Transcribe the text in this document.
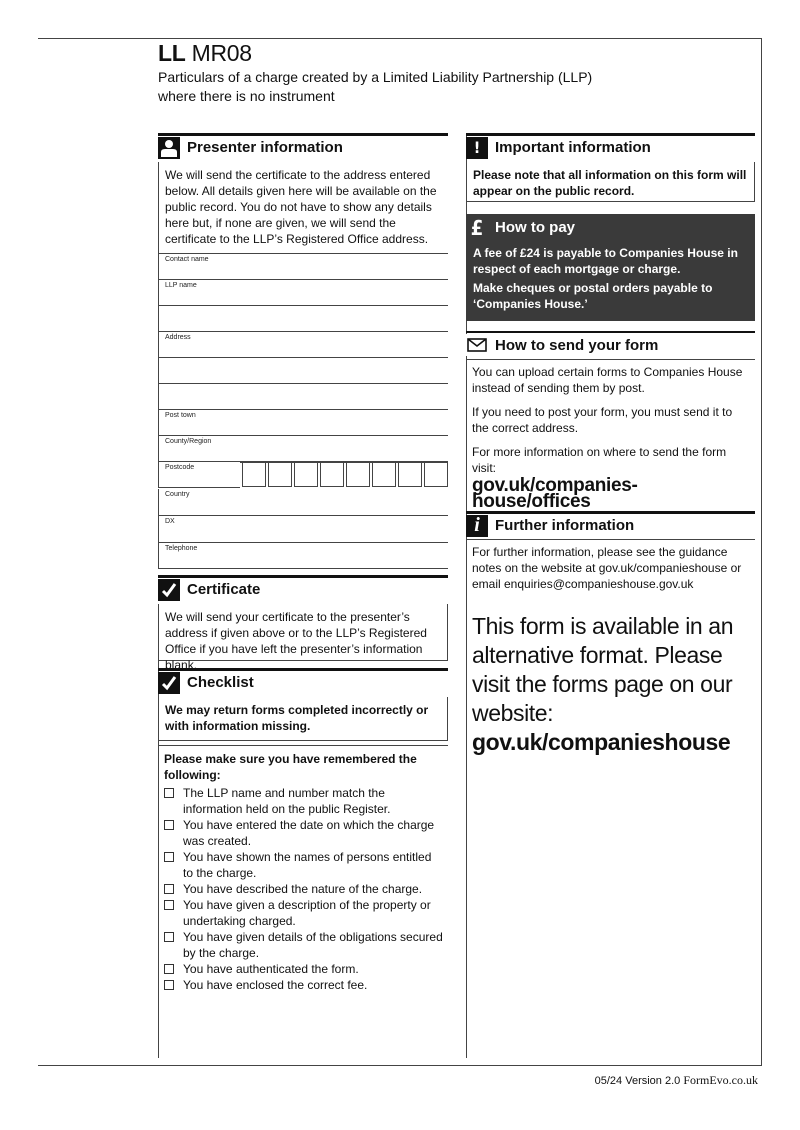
LL MR08
Particulars of a charge created by a Limited Liability Partnership (LLP) where there is no instrument
Presenter information
We will send the certificate to the address entered below. All details given here will be available on the public record. You do not have to show any details here but, if none are given, we will send the certificate to the LLP’s Registered Office address.
Contact name
LLP name
Address
Post town
County/Region
Postcode
Country
DX
Telephone
Certificate
We will send your certificate to the presenter’s address if given above or to the LLP’s Registered Office if you have left the presenter’s information blank.
Checklist
We may return forms completed incorrectly or with information missing.
Please make sure you have remembered the following:
The LLP name and number match the information held on the public Register.
You have entered the date on which the charge was created.
You have shown the names of persons entitled to the charge.
You have described the nature of the charge.
You have given a description of the property or undertaking charged.
You have given details of the obligations secured by the charge.
You have authenticated the form.
You have enclosed the correct fee.
! Important information
Please note that all information on this form will appear on the public record.
£ How to pay

A fee of £24 is payable to Companies House in respect of each mortgage or charge.

Make cheques or postal orders payable to ‘Companies House.’

How to send your form

You can upload certain forms to Companies House instead of sending them by post.

If you need to post your form, you must send it to the correct address.

For more information on where to send the form visit:

gov.uk/companies-house/offices
i	Further information
For further information, please see the guidance notes on the website at gov.uk/companieshouse or email enquiries@companieshouse.gov.uk
This form is available in an alternative format. Please visit the forms page on our website:
gov.uk/companieshouse
05/24 Version 2.0 FormEvo.co.uk
